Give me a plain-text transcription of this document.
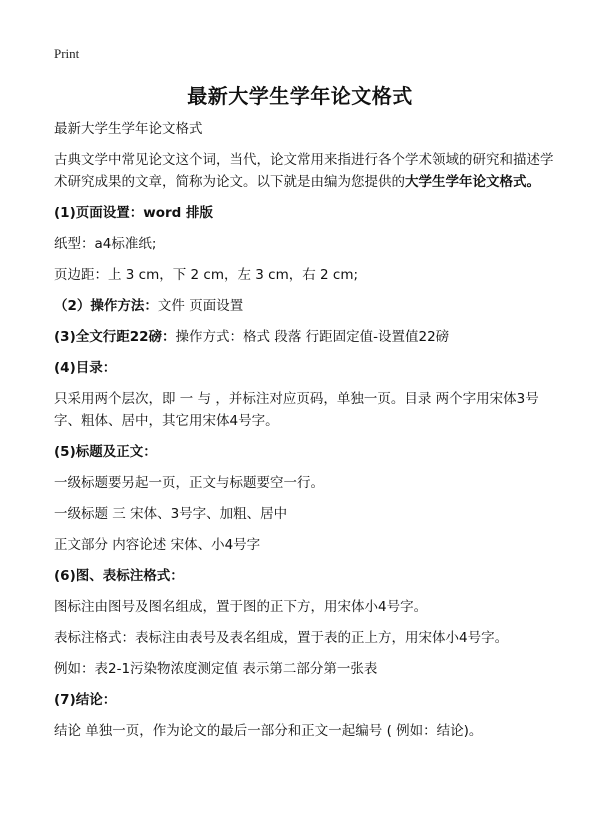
Print
最新大学生学年论文格式

最新大学生学年论文格式

古典文学中常见论文这个词，当代，论文常用来指进行各个学术领域的研究和描述学术研究成果的文章，简称为论文。以下就是由编为您提供的大学生学年论文格式。

(1)页面设置：word 排版

纸型：a4标准纸;

页边距：上 3 cm，下 2 cm，左 3 cm，右 2 cm;

（2）操作方法：文件 页面设置

(3)全文行距22磅：操作方式：格式 段落 行距固定值-设置值22磅

(4)目录：

只采用两个层次，即 一 与 ，并标注对应页码，单独一页。目录 两个字用宋体3号字、粗体、居中，其它用宋体4号字。

(5)标题及正文：

一级标题要另起一页，正文与标题要空一行。

一级标题 三 宋体、3号字、加粗、居中

正文部分 内容论述 宋体、小4号字

(6)图、表标注格式：

图标注由图号及图名组成，置于图的正下方，用宋体小4号字。

表标注格式：表标注由表号及表名组成，置于表的正上方，用宋体小4号字。

例如：表2-1污染物浓度测定值 表示第二部分第一张表

(7)结论：

结论 单独一页，作为论文的最后一部分和正文一起编号 ( 例如：结论)。
